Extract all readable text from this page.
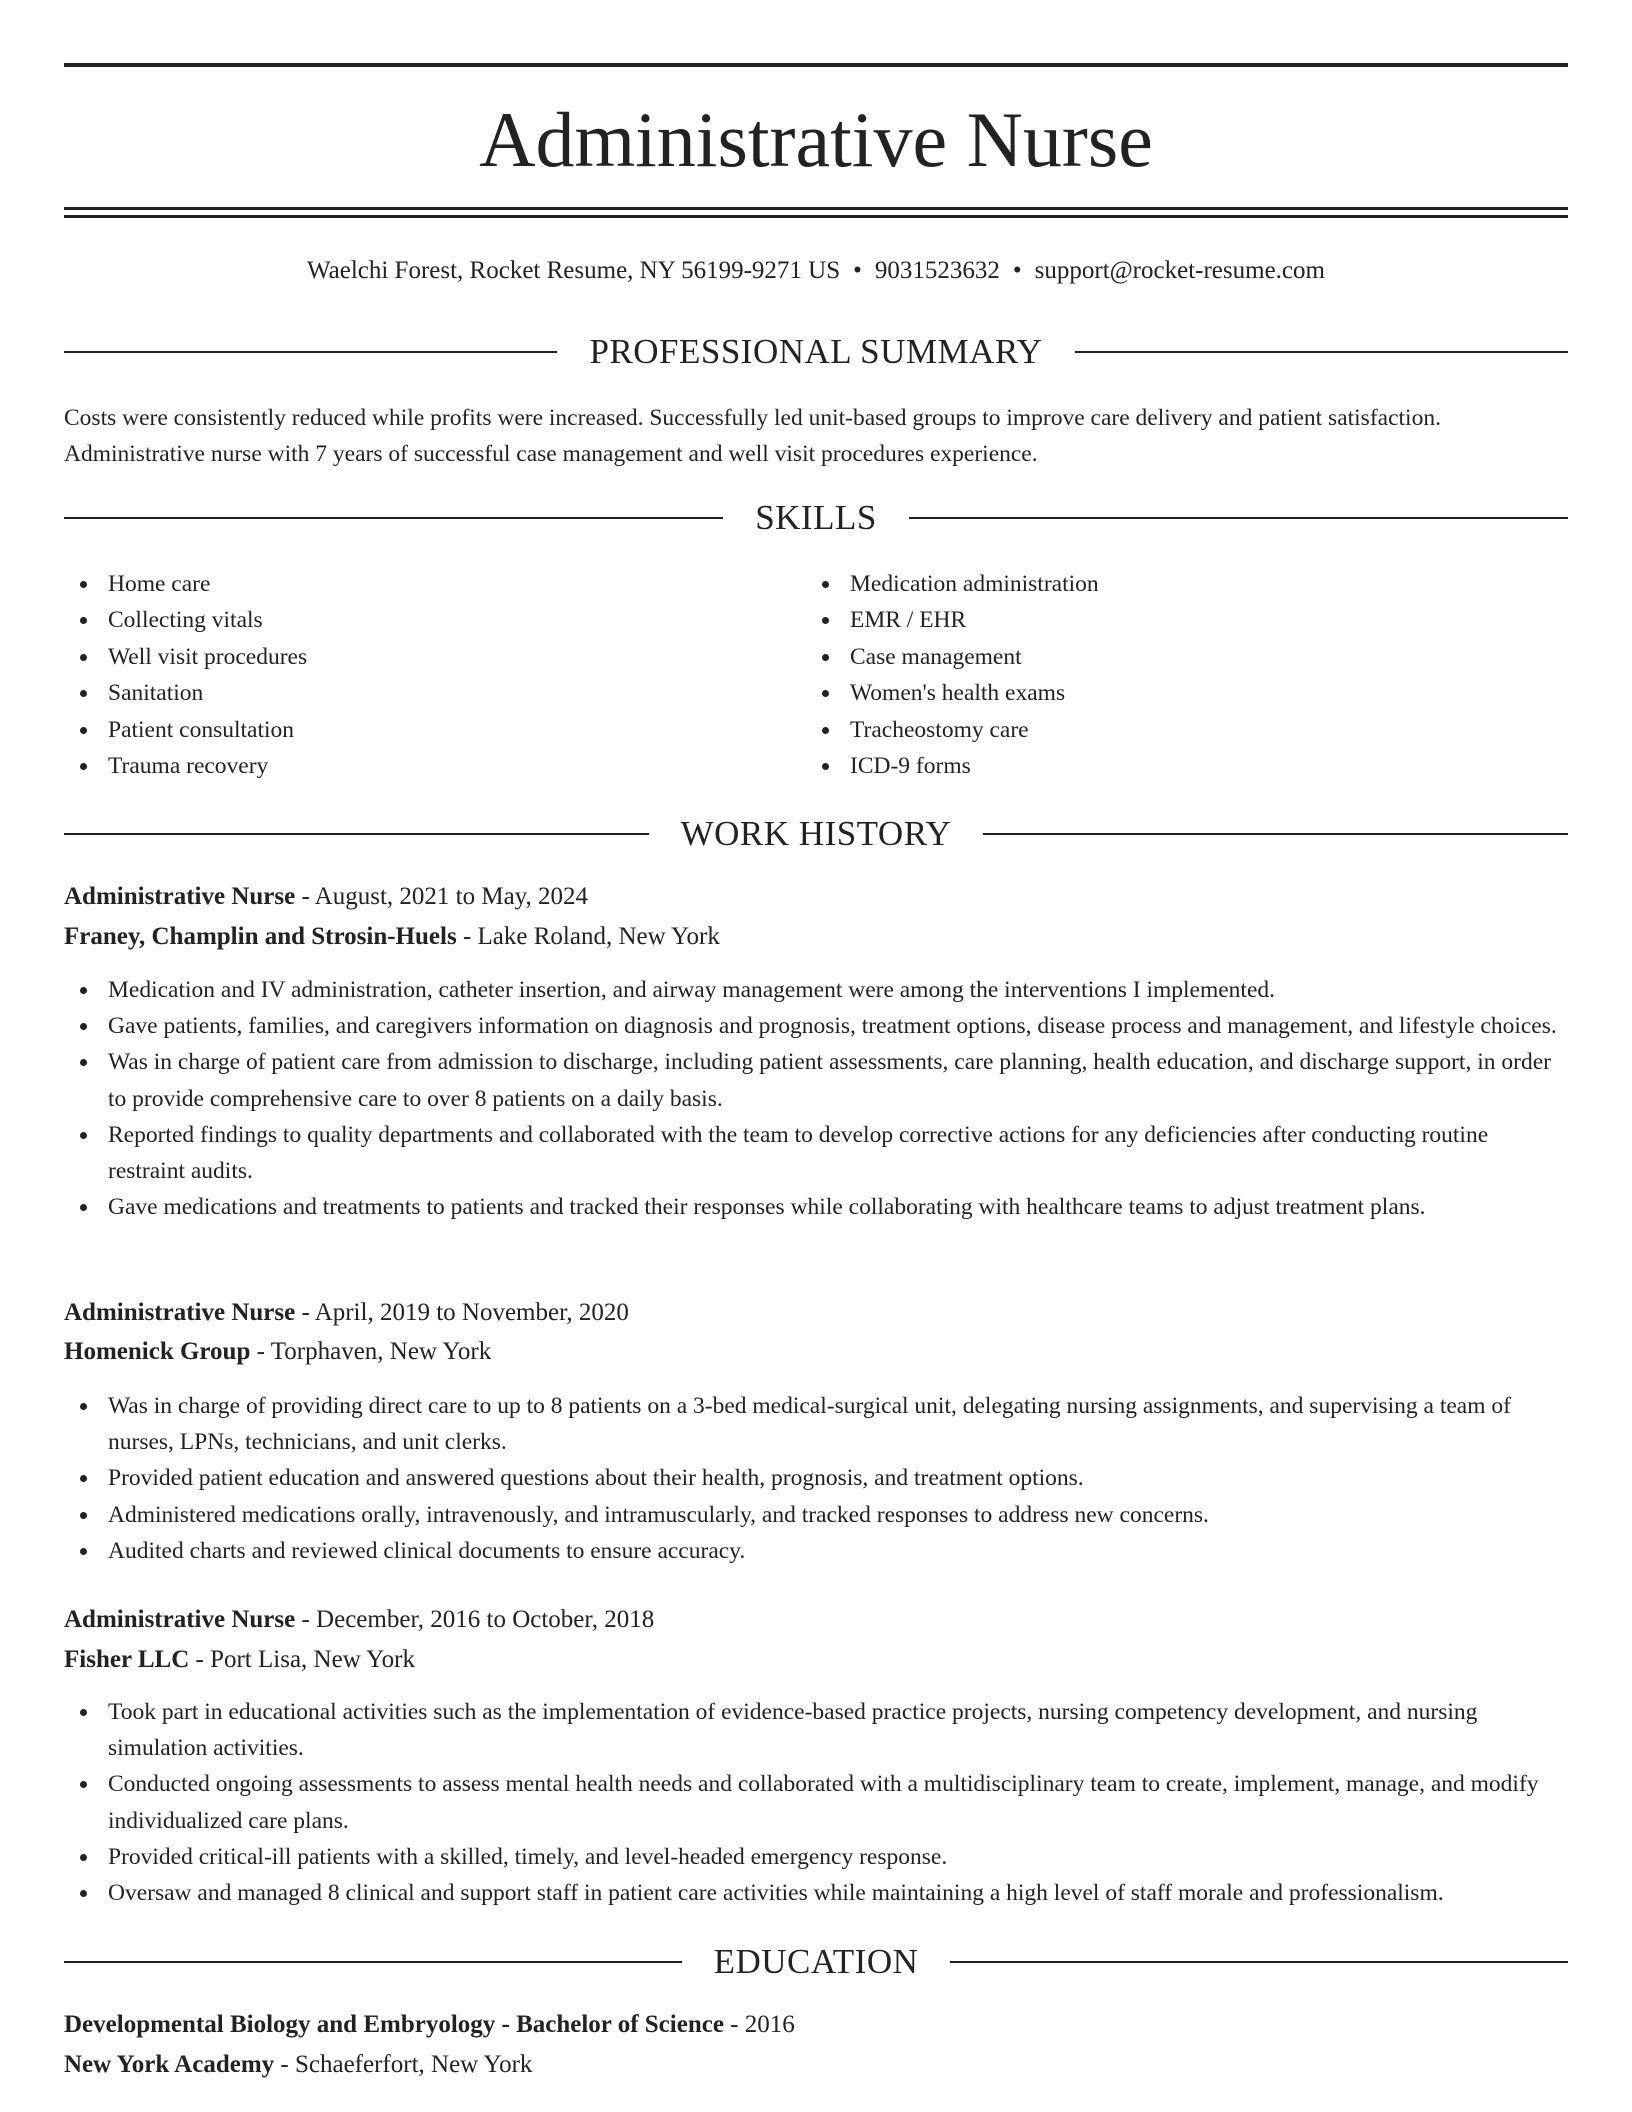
Administrative Nurse
Waelchi Forest, Rocket Resume, NY 56199-9271 US • 9031523632 • support@rocket-resume.com
PROFESSIONAL SUMMARY

Costs were consistently reduced while profits were increased. Successfully led unit-based groups to improve care delivery and patient satisfaction. Administrative nurse with 7 years of successful case management and well visit procedures experience.

SKILLS
Home care
Collecting vitals
Well visit procedures
Sanitation
Patient consultation
Trauma recovery
Medication administration
EMR / EHR
Case management
Women's health exams
Tracheostomy care
ICD-9 forms
WORK HISTORY
Administrative Nurse - August, 2021 to May, 2024
Franey, Champlin and Strosin-Huels - Lake Roland, New York
Medication and IV administration, catheter insertion, and airway management were among the interventions I implemented.
Gave patients, families, and caregivers information on diagnosis and prognosis, treatment options, disease process and management, and lifestyle choices.
Was in charge of patient care from admission to discharge, including patient assessments, care planning, health education, and discharge support, in order to provide comprehensive care to over 8 patients on a daily basis.
Reported findings to quality departments and collaborated with the team to develop corrective actions for any deficiencies after conducting routine restraint audits.
Gave medications and treatments to patients and tracked their responses while collaborating with healthcare teams to adjust treatment plans.
Administrative Nurse - April, 2019 to November, 2020
Homenick Group - Torphaven, New York
Was in charge of providing direct care to up to 8 patients on a 3-bed medical-surgical unit, delegating nursing assignments, and supervising a team of nurses, LPNs, technicians, and unit clerks.
Provided patient education and answered questions about their health, prognosis, and treatment options.
Administered medications orally, intravenously, and intramuscularly, and tracked responses to address new concerns.
Audited charts and reviewed clinical documents to ensure accuracy.
Administrative Nurse - December, 2016 to October, 2018
Fisher LLC - Port Lisa, New York
Took part in educational activities such as the implementation of evidence-based practice projects, nursing competency development, and nursing simulation activities.
Conducted ongoing assessments to assess mental health needs and collaborated with a multidisciplinary team to create, implement, manage, and modify individualized care plans.
Provided critical-ill patients with a skilled, timely, and level-headed emergency response.
Oversaw and managed 8 clinical and support staff in patient care activities while maintaining a high level of staff morale and professionalism.
EDUCATION
Developmental Biology and Embryology - Bachelor of Science - 2016
New York Academy - Schaeferfort, New York
